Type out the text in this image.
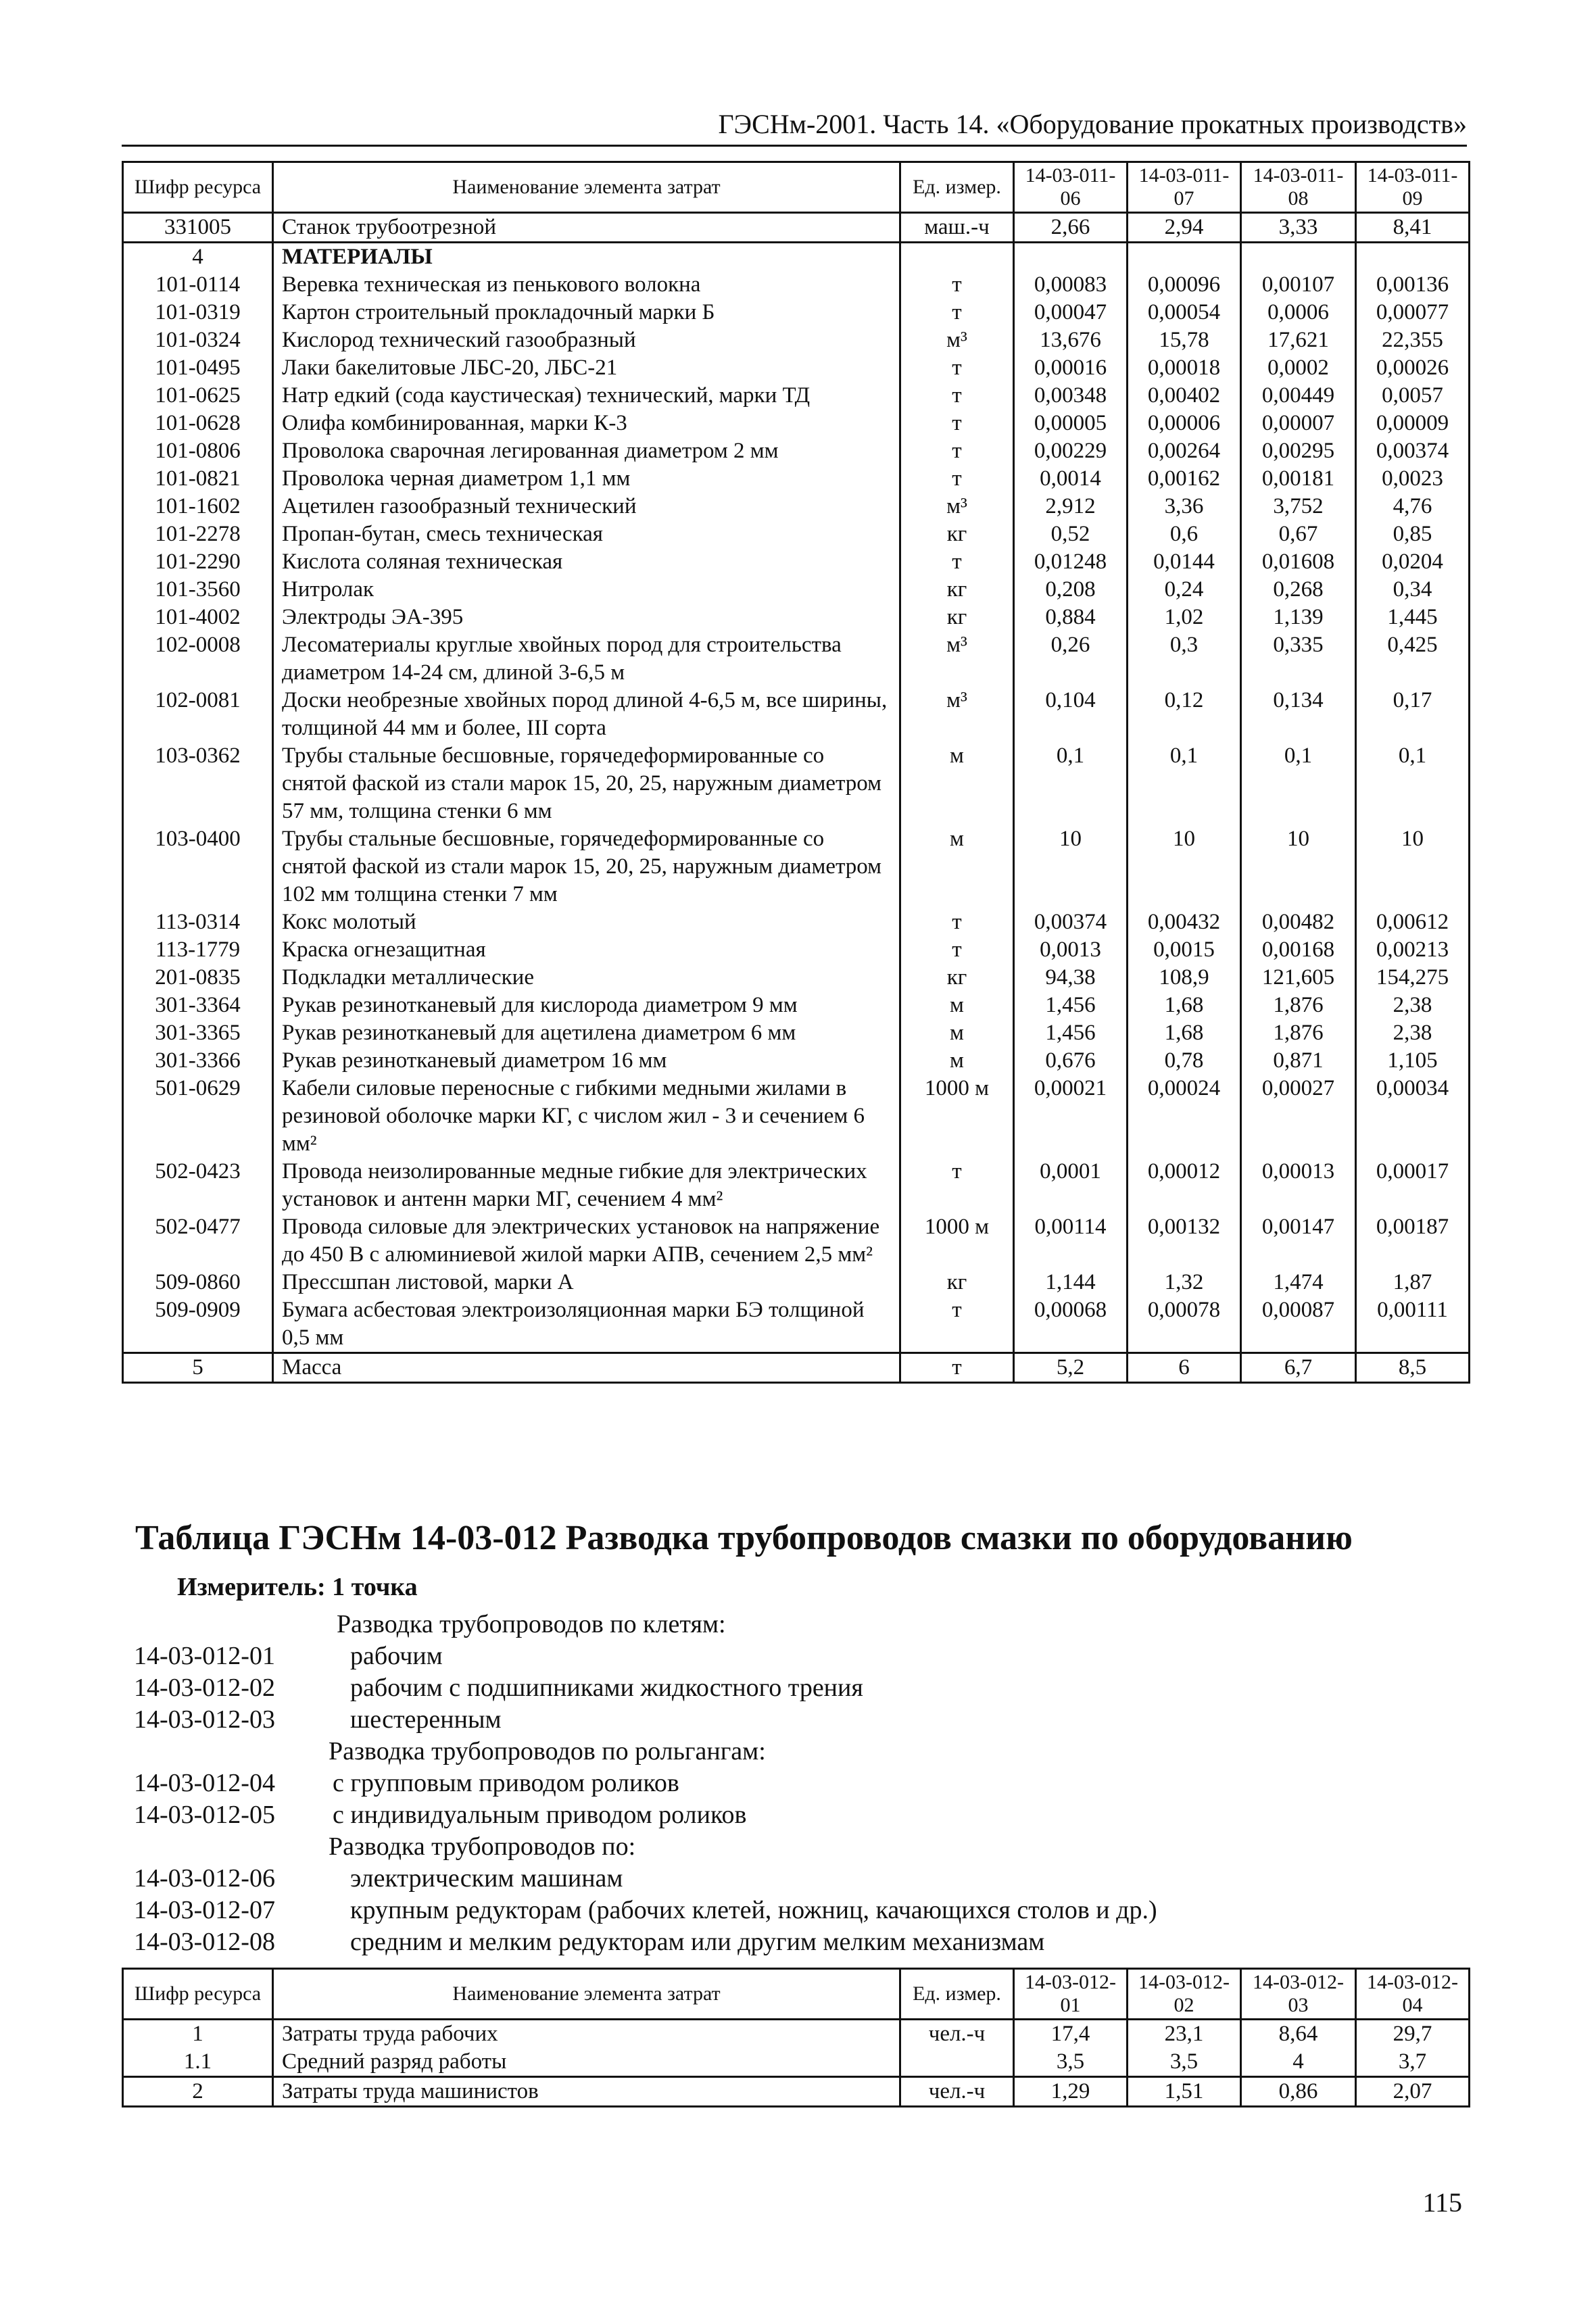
ГЭСНм-2001. Часть 14. «Оборудование прокатных производств»
Шифр ресурса	Наименование элемента затрат	Ед. измер.	14-03-011-06	14-03-011-07	14-03-011-08	14-03-011-09
331005	Станок трубоотрезной	маш.-ч	2,66	2,94	3,33	8,41
4	МАТЕРИАЛЫ					
101-0114	Веревка техническая из пенькового волокна	т	0,00083	0,00096	0,00107	0,00136
101-0319	Картон строительный прокладочный марки Б	т	0,00047	0,00054	0,0006	0,00077
101-0324	Кислород технический газообразный	м³	13,676	15,78	17,621	22,355
101-0495	Лаки бакелитовые ЛБС-20, ЛБС-21	т	0,00016	0,00018	0,0002	0,00026
101-0625	Натр едкий (сода каустическая) технический, марки ТД	т	0,00348	0,00402	0,00449	0,0057
101-0628	Олифа комбинированная, марки К-3	т	0,00005	0,00006	0,00007	0,00009
101-0806	Проволока сварочная легированная диаметром 2 мм	т	0,00229	0,00264	0,00295	0,00374
101-0821	Проволока черная диаметром 1,1 мм	т	0,0014	0,00162	0,00181	0,0023
101-1602	Ацетилен газообразный технический	м³	2,912	3,36	3,752	4,76
101-2278	Пропан-бутан, смесь техническая	кг	0,52	0,6	0,67	0,85
101-2290	Кислота соляная техническая	т	0,01248	0,0144	0,01608	0,0204
101-3560	Нитролак	кг	0,208	0,24	0,268	0,34
101-4002	Электроды ЭА-395	кг	0,884	1,02	1,139	1,445
102-0008	Лесоматериалы круглые хвойных пород для строительства диаметром 14-24 см, длиной 3-6,5 м	м³	0,26	0,3	0,335	0,425
102-0081	Доски необрезные хвойных пород длиной 4-6,5 м, все ширины, толщиной 44 мм и более, III сорта	м³	0,104	0,12	0,134	0,17
103-0362	Трубы стальные бесшовные, горячедеформированные со снятой фаской из стали марок 15, 20, 25, наружным диаметром 57 мм, толщина стенки 6 мм	м	0,1	0,1	0,1	0,1
103-0400	Трубы стальные бесшовные, горячедеформированные со снятой фаской из стали марок 15, 20, 25, наружным диаметром 102 мм толщина стенки 7 мм	м	10	10	10	10
113-0314	Кокс молотый	т	0,00374	0,00432	0,00482	0,00612
113-1779	Краска огнезащитная	т	0,0013	0,0015	0,00168	0,00213
201-0835	Подкладки металлические	кг	94,38	108,9	121,605	154,275
301-3364	Рукав резинотканевый для кислорода диаметром 9 мм	м	1,456	1,68	1,876	2,38
301-3365	Рукав резинотканевый для ацетилена диаметром 6 мм	м	1,456	1,68	1,876	2,38
301-3366	Рукав резинотканевый диаметром 16 мм	м	0,676	0,78	0,871	1,105
501-0629	Кабели силовые переносные с гибкими медными жилами в резиновой оболочке марки КГ, с числом жил - 3 и сечением 6 мм²	1000 м	0,00021	0,00024	0,00027	0,00034
502-0423	Провода неизолированные медные гибкие для электрических установок и антенн марки МГ, сечением 4 мм²	т	0,0001	0,00012	0,00013	0,00017
502-0477	Провода силовые для электрических установок на напряжение до 450 В с алюминиевой жилой марки АПВ, сечением 2,5 мм²	1000 м	0,00114	0,00132	0,00147	0,00187
509-0860	Прессшпан листовой, марки А	кг	1,144	1,32	1,474	1,87
509-0909	Бумага асбестовая электроизоляционная марки БЭ толщиной 0,5 мм	т	0,00068	0,00078	0,00087	0,00111
5	Масса	т	5,2	6	6,7	8,5
Таблица ГЭСНм 14-03-012 Разводка трубопроводов смазки по оборудованию
Измеритель: 1 точка
Разводка трубопроводов по клетям:
14-03-012-01	рабочим
14-03-012-02	рабочим с подшипниками жидкостного трения
14-03-012-03	шестеренным
Разводка трубопроводов по рольгангам:
14-03-012-04 с групповым приводом роликов
14-03-012-05 с индивидуальным приводом роликов
Разводка трубопроводов по:
14-03-012-06	электрическим машинам
14-03-012-07	крупным редукторам (рабочих клетей, ножниц, качающихся столов и др.)
14-03-012-08	средним и мелким редукторам или другим мелким механизмам
Шифр ресурса	Наименование элемента затрат	Ед. измер.	14-03-012-01	14-03-012-02	14-03-012-03	14-03-012-04
1	Затраты труда рабочих	чел.-ч	17,4	23,1	8,64	29,7
1.1	Средний разряд работы		3,5	3,5	4	3,7
2	Затраты труда машинистов	чел.-ч	1,29	1,51	0,86	2,07
115
